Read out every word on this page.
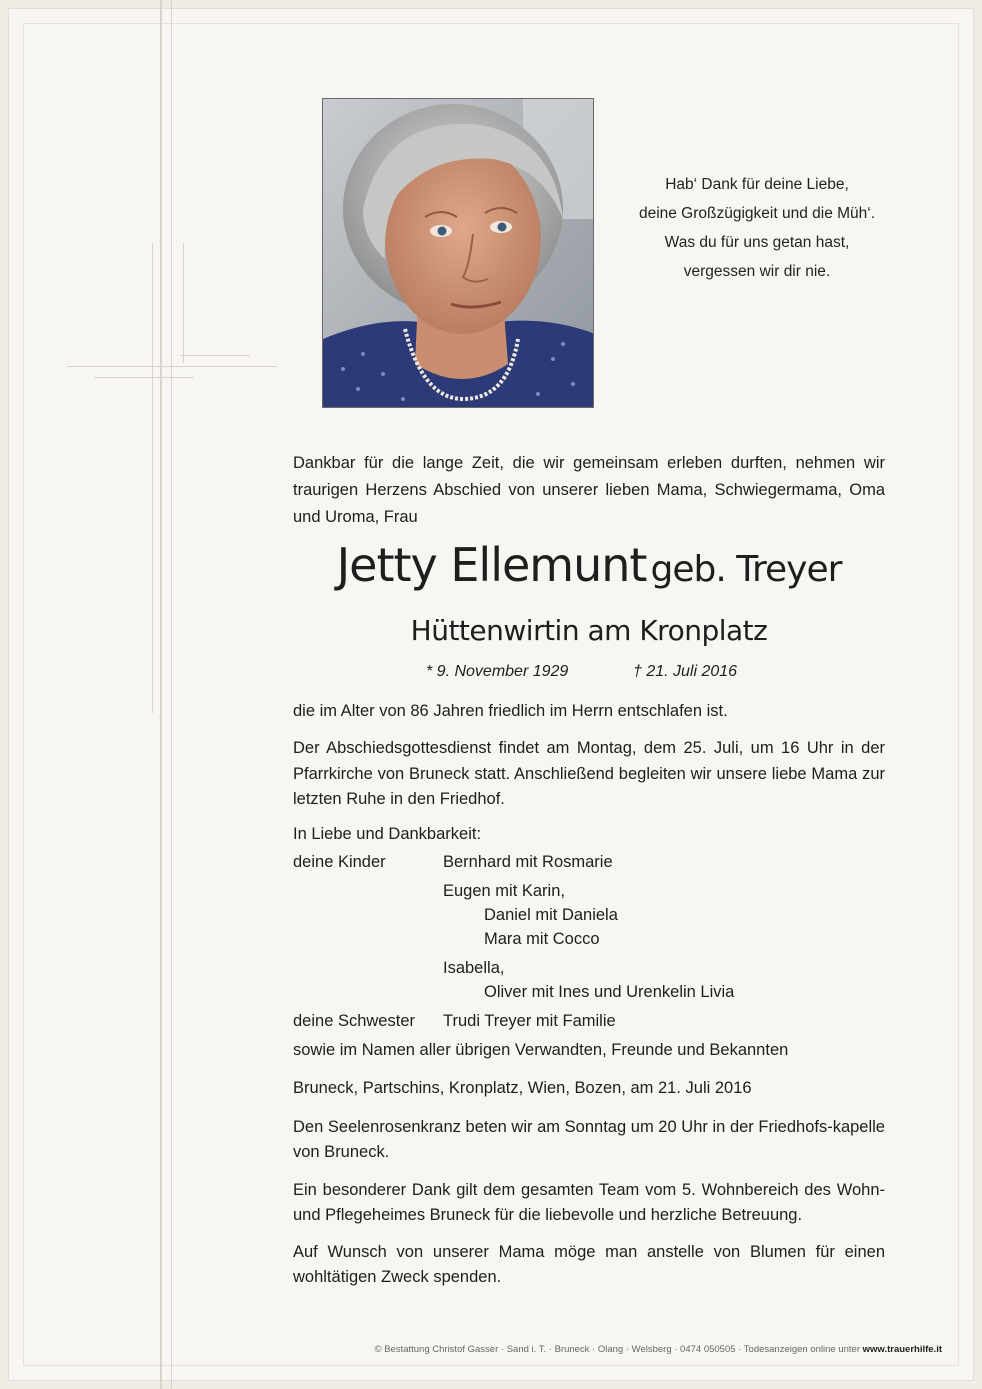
Hab‘ Dank für deine Liebe,
deine Großzügigkeit und die Müh‘.
Was du für uns getan hast,
vergessen wir dir nie.
Dankbar für die lange Zeit, die wir gemeinsam erleben durften, nehmen wir traurigen Herzens Abschied von unserer lieben Mama, Schwiegermama, Oma und Uroma, Frau
Jetty Ellemunt geb. Treyer
Hüttenwirtin am Kronplatz
* 9. November 1929	† 21. Juli 2016
die im Alter von 86 Jahren friedlich im Herrn entschlafen ist.
Der Abschiedsgottesdienst findet am Montag, dem 25. Juli, um 16 Uhr in der Pfarrkirche von Bruneck statt. Anschließend begleiten wir unsere liebe Mama zur letzten Ruhe in den Friedhof.
In Liebe und Dankbarkeit:
deine Kinder	Bernhard mit Rosmarie
Eugen mit Karin,
Daniel mit Daniela
Mara mit Cocco
Isabella,
Oliver mit Ines und Urenkelin Livia
deine Schwester Trudi Treyer mit Familie
sowie im Namen aller übrigen Verwandten, Freunde und Bekannten
Bruneck, Partschins, Kronplatz, Wien, Bozen, am 21. Juli 2016
Den Seelenrosenkranz beten wir am Sonntag um 20 Uhr in der Friedhofs-kapelle von Bruneck.
Ein besonderer Dank gilt dem gesamten Team vom 5. Wohnbereich des Wohn- und Pflegeheimes Bruneck für die liebevolle und herzliche Betreuung.
Auf Wunsch von unserer Mama möge man anstelle von Blumen für einen wohltätigen Zweck spenden.
© Bestattung Christof Gasser · Sand i. T. · Bruneck · Olang · Welsberg · 0474 050505 · Todesanzeigen online unter www.trauerhilfe.it
